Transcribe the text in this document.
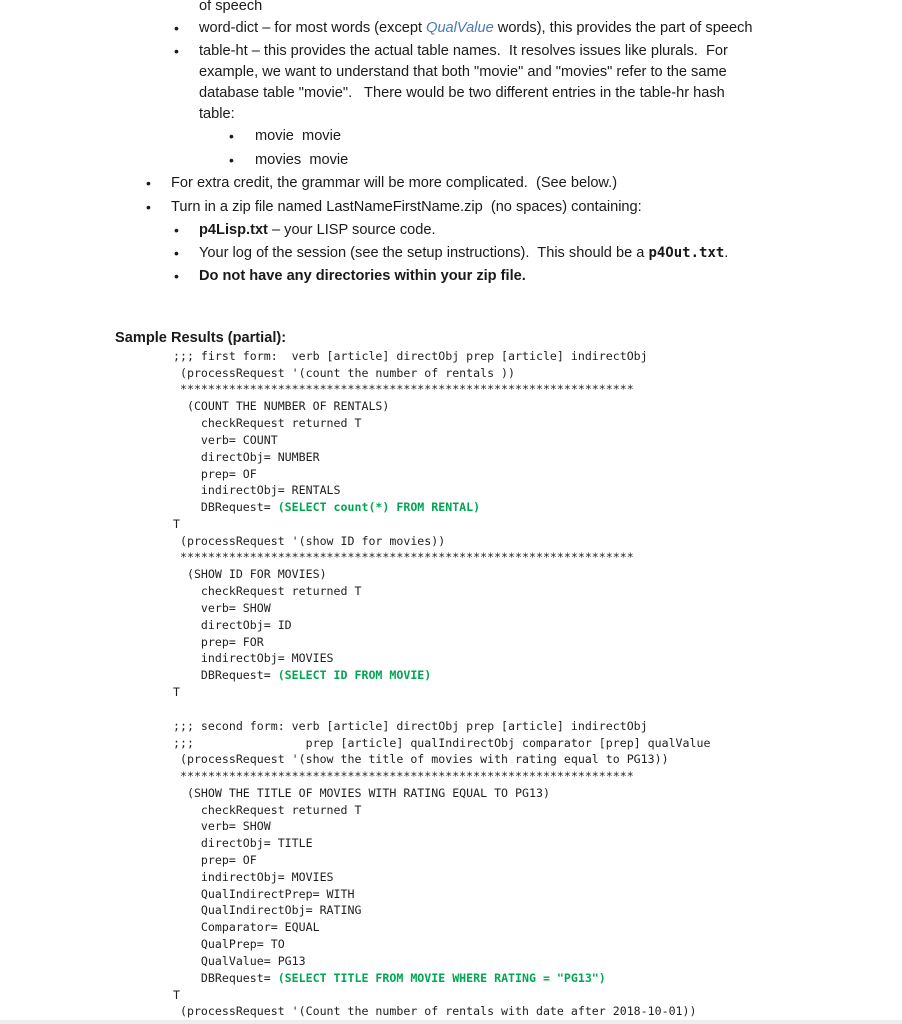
of speech
• word-dict – for most words (except QualValue words), this provides the part of speech
• table-ht – this provides the actual table names.  It resolves issues like plurals.  For
example, we want to understand that both "movie" and "movies" refer to the same
database table "movie".   There would be two different entries in the table-hr hash
table:
• movie  movie
• movies  movie
• For extra credit, the grammar will be more complicated.  (See below.)
• Turn in a zip file named LastNameFirstName.zip  (no spaces) containing:
• p4Lisp.txt – your LISP source code.
• Your log of the session (see the setup instructions).  This should be a p4Out.txt.
• Do not have any directories within your zip file.
Sample Results (partial):
;;; first form:  verb [article] directObj prep [article] indirectObj
(processRequest '(count the number of rentals ))
*****************************************************************
(COUNT THE NUMBER OF RENTALS)
checkRequest returned T
verb= COUNT
directObj= NUMBER
prep= OF
indirectObj= RENTALS
DBRequest= (SELECT count(*) FROM RENTAL)
T
(processRequest '(show ID for movies))
*****************************************************************
(SHOW ID FOR MOVIES)
checkRequest returned T
verb= SHOW
directObj= ID
prep= FOR
indirectObj= MOVIES
DBRequest= (SELECT ID FROM MOVIE)
T
;;; second form: verb [article] directObj prep [article] indirectObj
;;;                prep [article] qualIndirectObj comparator [prep] qualValue
(processRequest '(show the title of movies with rating equal to PG13))
*****************************************************************
(SHOW THE TITLE OF MOVIES WITH RATING EQUAL TO PG13)
checkRequest returned T
verb= SHOW
directObj= TITLE
prep= OF
indirectObj= MOVIES
QualIndirectPrep= WITH
QualIndirectObj= RATING
Comparator= EQUAL
QualPrep= TO
QualValue= PG13
DBRequest= (SELECT TITLE FROM MOVIE WHERE RATING = "PG13")
T
(processRequest '(Count the number of rentals with date after 2018-10-01))
